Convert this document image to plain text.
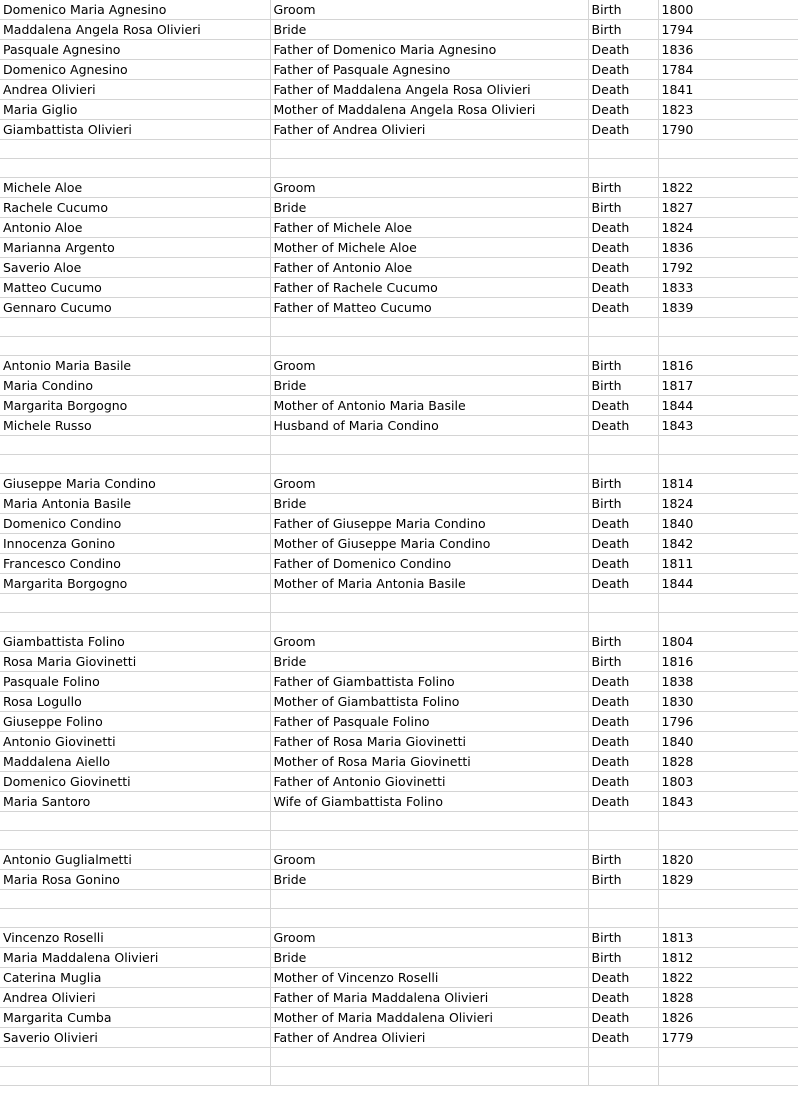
Domenico Maria Agnesino	Groom	Birth	1800
Maddalena Angela Rosa Olivieri	Bride	Birth	1794
Pasquale Agnesino	Father of Domenico Maria Agnesino	Death	1836
Domenico Agnesino	Father of Pasquale Agnesino	Death	1784
Andrea Olivieri	Father of Maddalena Angela Rosa Olivieri	Death	1841
Maria Giglio	Mother of Maddalena Angela Rosa Olivieri	Death	1823
Giambattista Olivieri	Father of Andrea Olivieri	Death	1790

Michele Aloe	Groom	Birth	1822
Rachele Cucumo	Bride	Birth	1827
Antonio Aloe	Father of Michele Aloe	Death	1824
Marianna Argento	Mother of Michele Aloe	Death	1836
Saverio Aloe	Father of Antonio Aloe	Death	1792
Matteo Cucumo	Father of Rachele Cucumo	Death	1833
Gennaro Cucumo	Father of Matteo Cucumo	Death	1839

Antonio Maria Basile	Groom	Birth	1816
Maria Condino	Bride	Birth	1817
Margarita Borgogno	Mother of Antonio Maria Basile	Death	1844
Michele Russo	Husband of Maria Condino	Death	1843

Giuseppe Maria Condino	Groom	Birth	1814
Maria Antonia Basile	Bride	Birth	1824
Domenico Condino	Father of Giuseppe Maria Condino	Death	1840
Innocenza Gonino	Mother of Giuseppe Maria Condino	Death	1842
Francesco Condino	Father of Domenico Condino	Death	1811
Margarita Borgogno	Mother of Maria Antonia Basile	Death	1844

Giambattista Folino	Groom	Birth	1804
Rosa Maria Giovinetti	Bride	Birth	1816
Pasquale Folino	Father of Giambattista Folino	Death	1838
Rosa Logullo	Mother of Giambattista Folino	Death	1830
Giuseppe Folino	Father of Pasquale Folino	Death	1796
Antonio Giovinetti	Father of Rosa Maria Giovinetti	Death	1840
Maddalena Aiello	Mother of Rosa Maria Giovinetti	Death	1828
Domenico Giovinetti	Father of Antonio Giovinetti	Death	1803
Maria Santoro	Wife of Giambattista Folino	Death	1843

Antonio Guglialmetti	Groom	Birth	1820
Maria Rosa Gonino	Bride	Birth	1829

Vincenzo Roselli	Groom	Birth	1813
Maria Maddalena Olivieri	Bride	Birth	1812
Caterina Muglia	Mother of Vincenzo Roselli	Death	1822
Andrea Olivieri	Father of Maria Maddalena Olivieri	Death	1828
Margarita Cumba	Mother of Maria Maddalena Olivieri	Death	1826
Saverio Olivieri	Father of Andrea Olivieri	Death	1779
